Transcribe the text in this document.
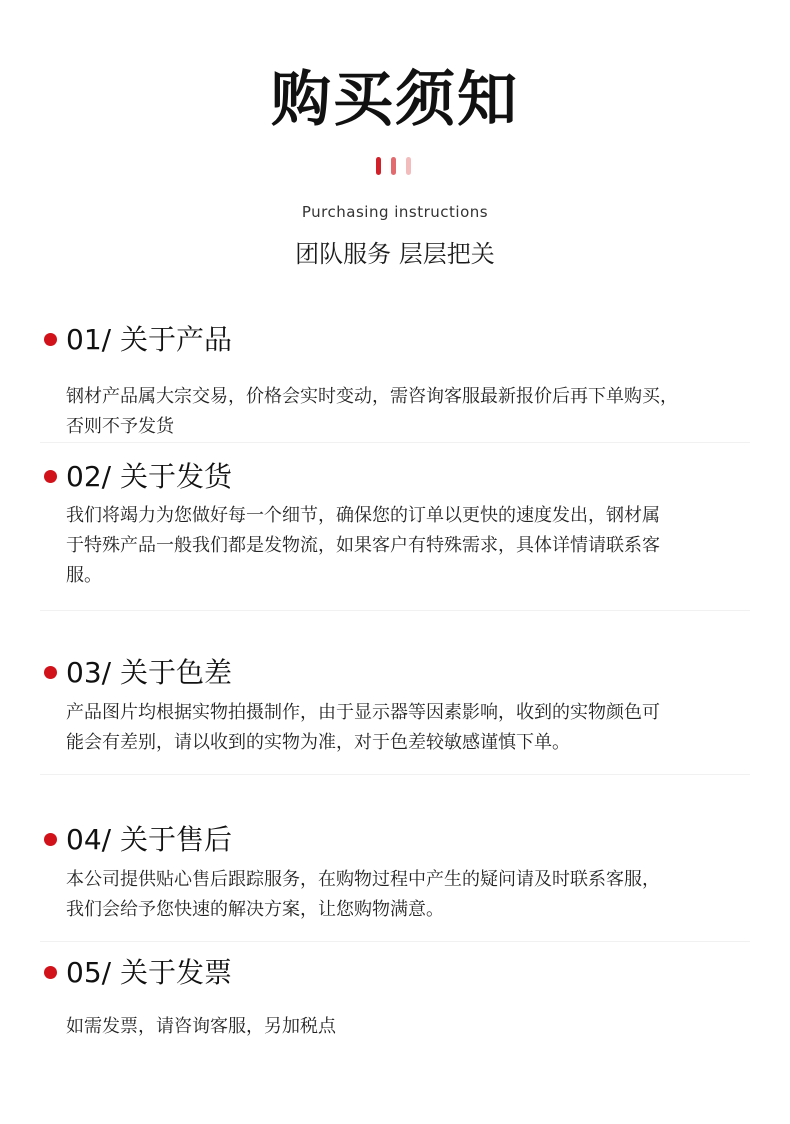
购买须知
Purchasing instructions
团队服务 层层把关
01/ 关于产品
钢材产品属大宗交易，价格会实时变动，需咨询客服最新报价后再下单购买，
否则不予发货
02/ 关于发货
我们将竭力为您做好每一个细节，确保您的订单以更快的速度发出，钢材属
于特殊产品一般我们都是发物流，如果客户有特殊需求，具体详情请联系客
服。
03/ 关于色差
产品图片均根据实物拍摄制作，由于显示器等因素影响，收到的实物颜色可
能会有差别，请以收到的实物为准，对于色差较敏感谨慎下单。
04/ 关于售后
本公司提供贴心售后跟踪服务，在购物过程中产生的疑问请及时联系客服，
我们会给予您快速的解决方案，让您购物满意。
05/ 关于发票
如需发票，请咨询客服，另加税点
